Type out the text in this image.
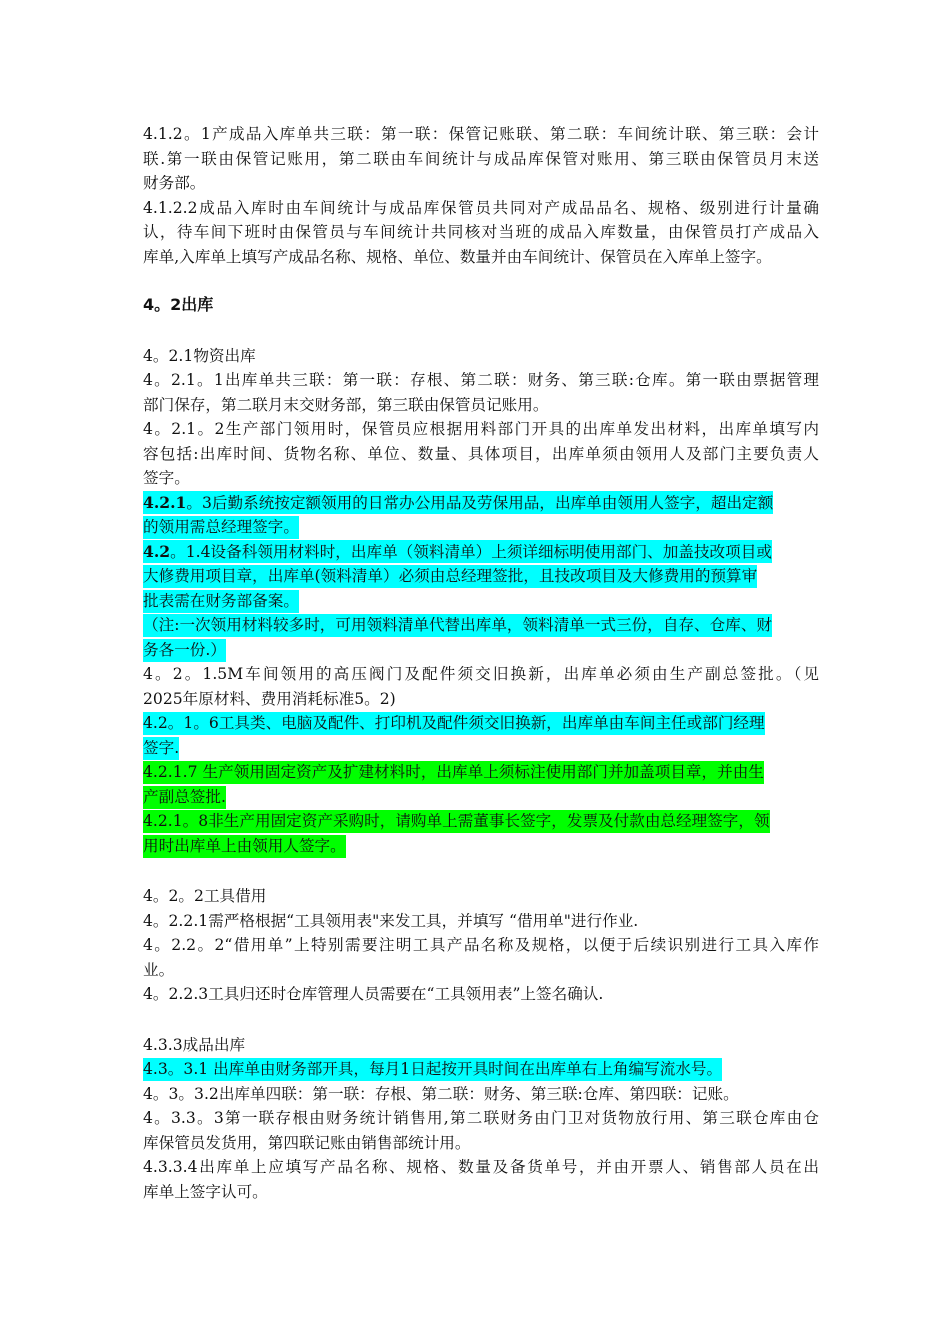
4.1.2。1产成品入库单共三联：第一联：保管记账联、第二联：车间统计联、第三联：会计
联.第一联由保管记账用，第二联由车间统计与成品库保管对账用、第三联由保管员月末送
财务部。
4.1.2.2成品入库时由车间统计与成品库保管员共同对产成品品名、规格、级别进行计量确
认，待车间下班时由保管员与车间统计共同核对当班的成品入库数量，由保管员打产成品入
库单,入库单上填写产成品名称、规格、单位、数量并由车间统计、保管员在入库单上签字。
4。2出库
4。2.1物资出库
4。2.1。1出库单共三联：第一联：存根、第二联：财务、第三联:仓库。第一联由票据管理
部门保存，第二联月末交财务部，第三联由保管员记账用。
4。2.1。2生产部门领用时，保管员应根据用料部门开具的出库单发出材料，出库单填写内
容包括:出库时间、货物名称、单位、数量、具体项目，出库单须由领用人及部门主要负责人
签字。
4.2.1。3后勤系统按定额领用的日常办公用品及劳保用品，出库单由领用人签字，超出定额
的领用需总经理签字。
4.2。1.4设备科领用材料时，出库单（领料清单）上须详细标明使用部门、加盖技改项目或
大修费用项目章，出库单(领料清单）必须由总经理签批，且技改项目及大修费用的预算审
批表需在财务部备案。
（注:一次领用材料较多时，可用领料清单代替出库单，领料清单一式三份，自存、仓库、财
务各一份.）
4。2。1.5M车间领用的高压阀门及配件须交旧换新，出库单必须由生产副总签批。（见
2025年原材料、费用消耗标准5。2)
4.2。1。6工具类、电脑及配件、打印机及配件须交旧换新，出库单由车间主任或部门经理
签字.
4.2.1.7 生产领用固定资产及扩建材料时，出库单上须标注使用部门并加盖项目章，并由生
产副总签批.
4.2.1。8非生产用固定资产采购时，请购单上需董事长签字，发票及付款由总经理签字，领
用时出库单上由领用人签字。
4。2。2工具借用
4。2.2.1需严格根据“工具领用表"来发工具，并填写 “借用单"进行作业.
4。2.2。2“借用单”上特别需要注明工具产品名称及规格，以便于后续识别进行工具入库作
业。
4。2.2.3工具归还时仓库管理人员需要在“工具领用表”上签名确认.
4.3.3成品出库
4.3。3.1 出库单由财务部开具，每月1日起按开具时间在出库单右上角编写流水号。
4。3。3.2出库单四联：第一联：存根、第二联：财务、第三联:仓库、第四联：记账。
4。3.3。3第一联存根由财务统计销售用,第二联财务由门卫对货物放行用、第三联仓库由仓
库保管员发货用，第四联记账由销售部统计用。
4.3.3.4出库单上应填写产品名称、规格、数量及备货单号，并由开票人、销售部人员在出
库单上签字认可。
